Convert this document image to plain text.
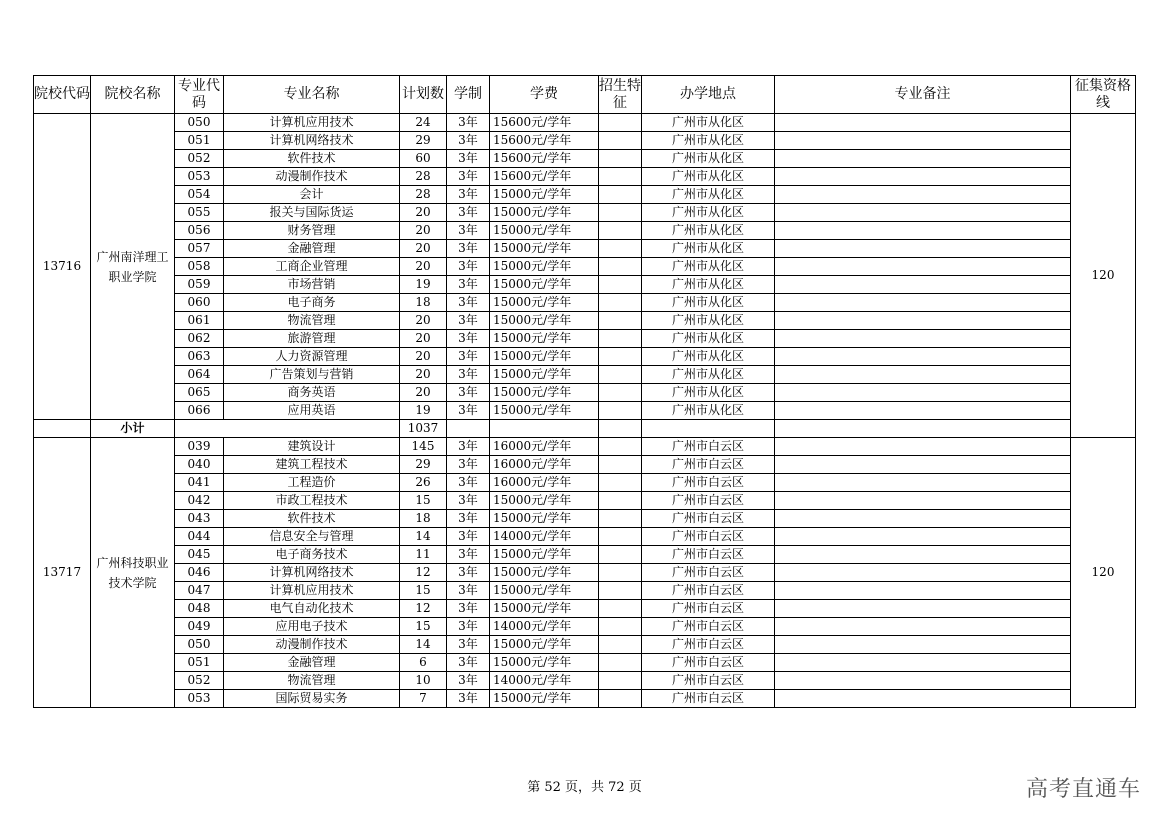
院校代码	院校名称	专业代码	专业名称	计划数	学制	学费	招生特征	办学地点	专业备注	征集资格线
13716	广州南洋理工职业学院	050	计算机应用技术	24	3年	15600元/学年		广州市从化区		120
		051	计算机网络技术	29	3年	15600元/学年		广州市从化区		
		052	软件技术	60	3年	15600元/学年		广州市从化区		
		053	动漫制作技术	28	3年	15600元/学年		广州市从化区		
		054	会计	28	3年	15000元/学年		广州市从化区		
		055	报关与国际货运	20	3年	15000元/学年		广州市从化区		
		056	财务管理	20	3年	15000元/学年		广州市从化区		
		057	金融管理	20	3年	15000元/学年		广州市从化区		
		058	工商企业管理	20	3年	15000元/学年		广州市从化区		
		059	市场营销	19	3年	15000元/学年		广州市从化区		
		060	电子商务	18	3年	15000元/学年		广州市从化区		
		061	物流管理	20	3年	15000元/学年		广州市从化区		
		062	旅游管理	20	3年	15000元/学年		广州市从化区		
		063	人力资源管理	20	3年	15000元/学年		广州市从化区		
		064	广告策划与营销	20	3年	15000元/学年		广州市从化区		
		065	商务英语	20	3年	15000元/学年		广州市从化区		
		066	应用英语	19	3年	15000元/学年		广州市从化区		
	小计			1037						
13717	广州科技职业技术学院	039	建筑设计	145	3年	16000元/学年		广州市白云区		120
		040	建筑工程技术	29	3年	16000元/学年		广州市白云区		
		041	工程造价	26	3年	16000元/学年		广州市白云区		
		042	市政工程技术	15	3年	15000元/学年		广州市白云区		
		043	软件技术	18	3年	15000元/学年		广州市白云区		
		044	信息安全与管理	14	3年	14000元/学年		广州市白云区		
		045	电子商务技术	11	3年	15000元/学年		广州市白云区		
		046	计算机网络技术	12	3年	15000元/学年		广州市白云区		
		047	计算机应用技术	15	3年	15000元/学年		广州市白云区		
		048	电气自动化技术	12	3年	15000元/学年		广州市白云区		
		049	应用电子技术	15	3年	14000元/学年		广州市白云区		
		050	动漫制作技术	14	3年	15000元/学年		广州市白云区		
		051	金融管理	6	3年	15000元/学年		广州市白云区		
		052	物流管理	10	3年	14000元/学年		广州市白云区		
		053	国际贸易实务	7	3年	15000元/学年		广州市白云区		
第 52 页，共 72 页	高考直通车
